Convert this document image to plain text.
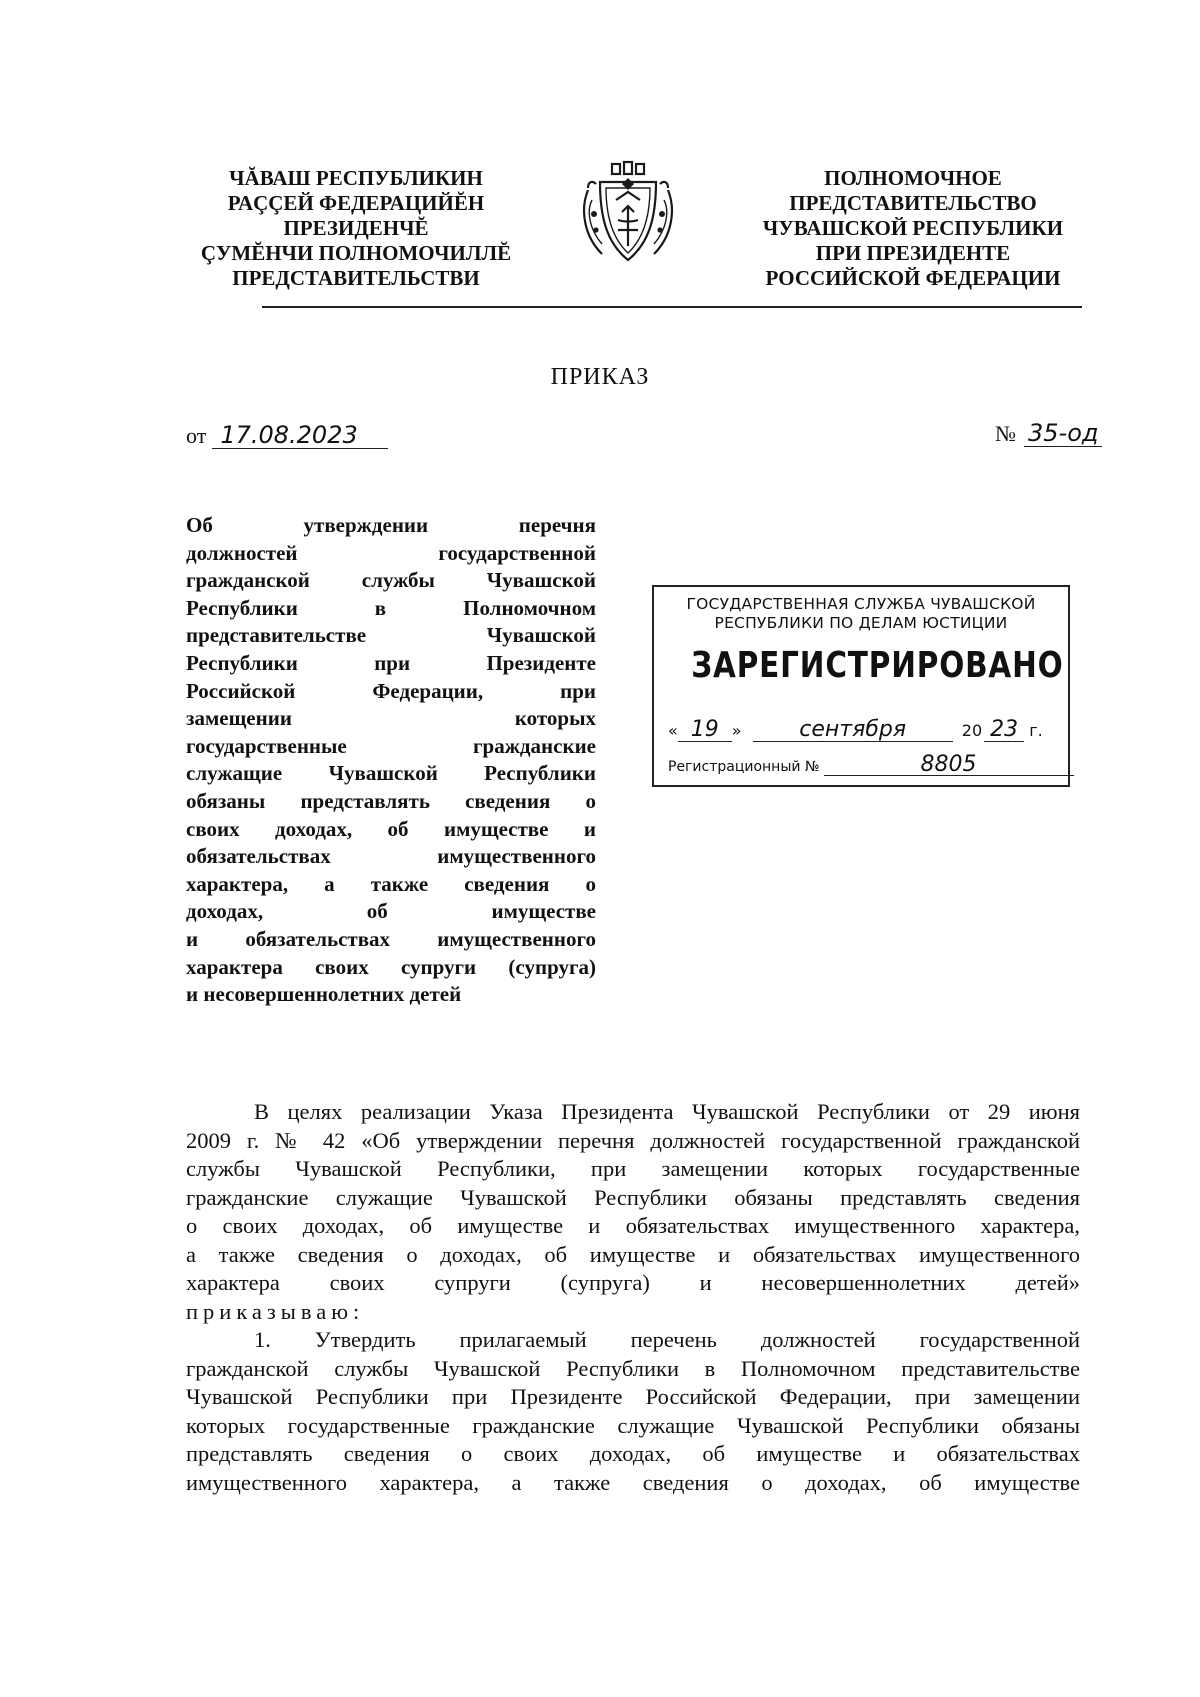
ЧĂВАШ РЕСПУБЛИКИН
РАÇÇЕЙ ФЕДЕРАЦИЙĔН
ПРЕЗИДЕНЧĔ
ÇУМĔНЧИ ПОЛНОМОЧИЛЛĔ
ПРЕДСТАВИТЕЛЬСТВИ
ПОЛНОМОЧНОЕ
ПРЕДСТАВИТЕЛЬСТВО
ЧУВАШСКОЙ РЕСПУБЛИКИ
ПРИ ПРЕЗИДЕНТЕ
РОССИЙСКОЙ ФЕДЕРАЦИИ
ПРИКАЗ
от 17.08.2023	№ 35-од
Об утверждении перечня
должностей государственной
гражданской службы Чувашской
Республики в Полномочном
представительстве Чувашской
Республики при Президенте
Российской Федерации, при
замещении которых
государственные гражданские
служащие Чувашской Республики
обязаны представлять сведения о
своих доходах, об имуществе и
обязательствах имущественного
характера, а также сведения о
доходах, об имуществе
и обязательствах имущественного
характера своих супруги (супруга)
и несовершеннолетних детей
ГОСУДАРСТВЕННАЯ СЛУЖБА ЧУВАШСКОЙ
РЕСПУБЛИКИ ПО ДЕЛАМ ЮСТИЦИИ
ЗАРЕГИСТРИРОВАНО
« 19 »	сентября	20 23 г.
Регистрационный №	8805
В целях реализации Указа Президента Чувашской Республики от 29 июня
2009 г. № 42 «Об утверждении перечня должностей государственной гражданской
службы Чувашской Республики, при замещении которых государственные
гражданские служащие Чувашской Республики обязаны представлять сведения
о своих доходах, об имуществе и обязательствах имущественного характера,
а также сведения о доходах, об имуществе и обязательствах имущественного
характера своих супруги (супруга) и несовершеннолетних детей»
приказываю:
1. Утвердить прилагаемый перечень должностей государственной
гражданской службы Чувашской Республики в Полномочном представительстве
Чувашской Республики при Президенте Российской Федерации, при замещении
которых государственные гражданские служащие Чувашской Республики обязаны
представлять сведения о своих доходах, об имуществе и обязательствах
имущественного характера, а также сведения о доходах, об имуществе
